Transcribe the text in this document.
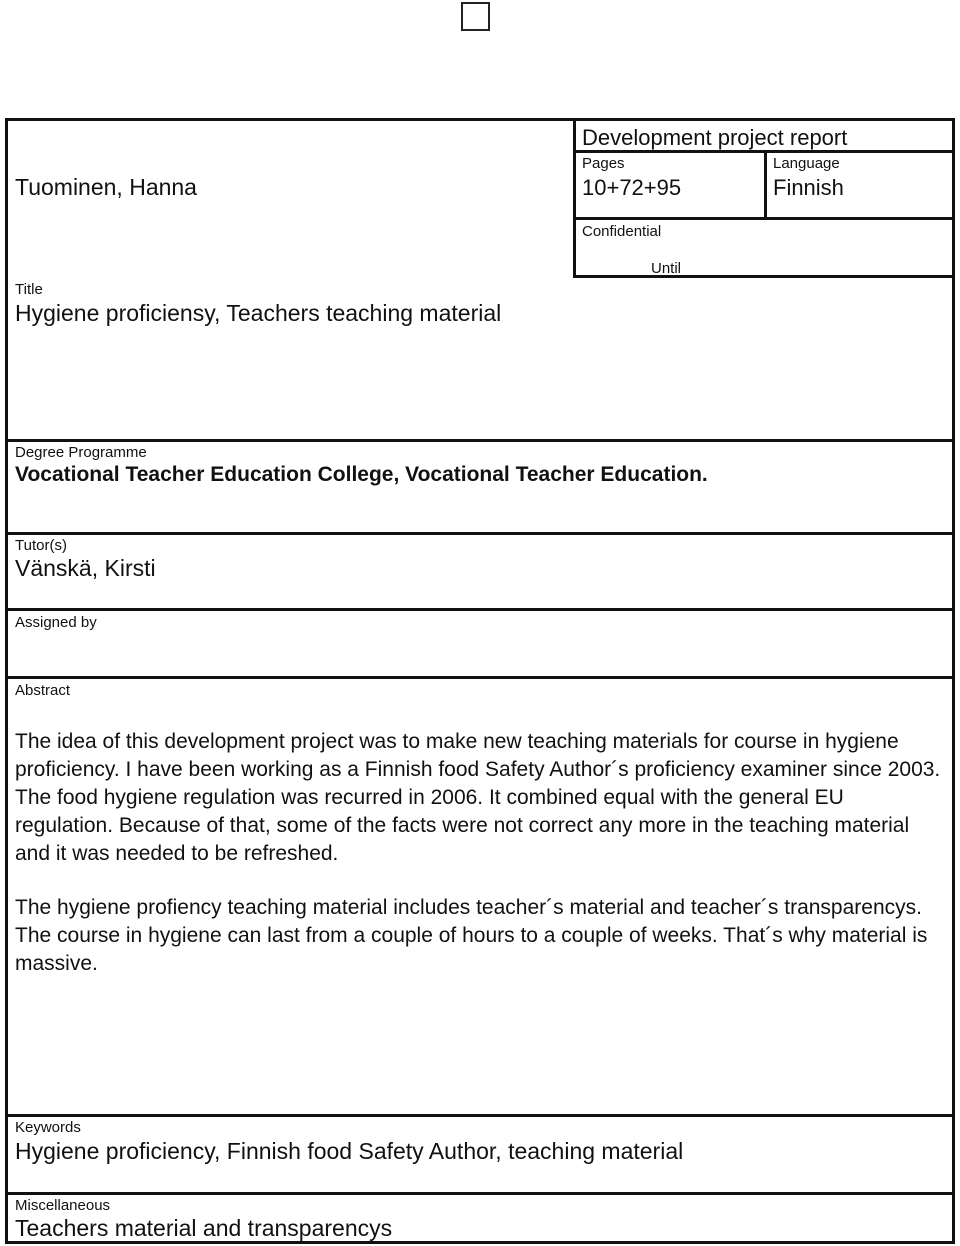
Tuominen, Hanna
Development project report
Pages
10+72+95
Language
Finnish
Confidential
Until
Title
Hygiene proficiensy, Teachers teaching material
Degree Programme
Vocational Teacher Education College, Vocational Teacher Education.
Tutor(s)
Vänskä, Kirsti
Assigned by
Abstract

The idea of this development project was to make new teaching materials for course in hygiene proficiency. I have been working as a Finnish food Safety Author´s proficiency examiner since 2003. The food hygiene regulation was recurred in 2006. It combined equal with the general EU regulation. Because of that, some of the facts were not correct any more in the teaching material and it was needed to be refreshed.

The hygiene profiency teaching material includes teacher´s material and teacher´s transparencys. The course in hygiene can last from a couple of hours to a couple of weeks. That´s why material is massive.

Keywords
Hygiene proficiency, Finnish food Safety Author, teaching material
Miscellaneous
Teachers material and transparencys
